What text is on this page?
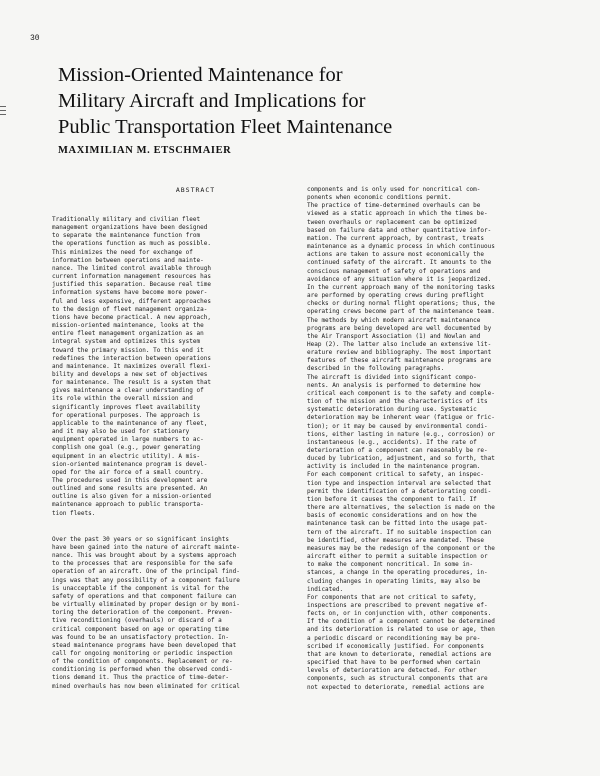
30
Mission-Oriented Maintenance for
Military Aircraft and Implications for
Public Transportation Fleet Maintenance

MAXIMILIAN M. ETSCHMAIER

ABSTRACT
Traditionally military and civilian fleet
management organizations have been designed
to separate the maintenance function from
the operations function as much as possible.
This minimizes the need for exchange of
information between operations and mainte-
nance. The limited control available through
current information management resources has
justified this separation. Because real time
information systems have become more power-
ful and less expensive, different approaches
to the design of fleet management organiza-
tions have become practical. A new approach,
mission-oriented maintenance, looks at the
entire fleet management organization as an
integral system and optimizes this system
toward the primary mission. To this end it
redefines the interaction between operations
and maintenance. It maximizes overall flexi-
bility and develops a new set of objectives
for maintenance. The result is a system that
gives maintenance a clear understanding of
its role within the overall mission and
significantly improves fleet availability
for operational purposes. The approach is
applicable to the maintenance of any fleet,
and it may also be used for stationary
equipment operated in large numbers to ac-
complish one goal (e.g., power generating
equipment in an electric utility). A mis-
sion-oriented maintenance program is devel-
oped for the air force of a small country.
The procedures used in this development are
outlined and some results are presented. An
outline is also given for a mission-oriented
maintenance approach to public transporta-
tion fleets.
Over the past 30 years or so significant insights
have been gained into the nature of aircraft mainte-
nance. This was brought about by a systems approach
to the processes that are responsible for the safe
operation of an aircraft. One of the principal find-
ings was that any possibility of a component failure
is unacceptable if the component is vital for the
safety of operations and that component failure can
be virtually eliminated by proper design or by moni-
toring the deterioration of the component. Preven-
tive reconditioning (overhauls) or discard of a
critical component based on age or operating time
was found to be an unsatisfactory protection. In-
stead maintenance programs have been developed that
call for ongoing monitoring or periodic inspection
of the condition of components. Replacement or re-
conditioning is performed when the observed condi-
tions demand it. Thus the practice of time-deter-
mined overhauls has now been eliminated for critical
components and is only used for noncritical com-
ponents when economic conditions permit.
The practice of time-determined overhauls can be
viewed as a static approach in which the times be-
tween overhauls or replacement can be optimized
based on failure data and other quantitative infor-
mation. The current approach, by contrast, treats
maintenance as a dynamic process in which continuous
actions are taken to assure most economically the
continued safety of the aircraft. It amounts to the
conscious management of safety of operations and
avoidance of any situation where it is jeopardized.
In the current approach many of the monitoring tasks
are performed by operating crews during preflight
checks or during normal flight operations; thus, the
operating crews become part of the maintenance team.
The methods by which modern aircraft maintenance
programs are being developed are well documented by
the Air Transport Association (1) and Nowlan and
Heap (2). The latter also include an extensive lit-
erature review and bibliography. The most important
features of these aircraft maintenance programs are
described in the following paragraphs.
The aircraft is divided into significant compo-
nents. An analysis is performed to determine how
critical each component is to the safety and comple-
tion of the mission and the characteristics of its
systematic deterioration during use. Systematic
deterioration may be inherent wear (fatigue or fric-
tion); or it may be caused by environmental condi-
tions, either lasting in nature (e.g., corrosion) or
instantaneous (e.g., accidents). If the rate of
deterioration of a component can reasonably be re-
duced by lubrication, adjustment, and so forth, that
activity is included in the maintenance program.
For each component critical to safety, an inspec-
tion type and inspection interval are selected that
permit the identification of a deteriorating condi-
tion before it causes the component to fail. If
there are alternatives, the selection is made on the
basis of economic considerations and on how the
maintenance task can be fitted into the usage pat-
tern of the aircraft. If no suitable inspection can
be identified, other measures are mandated. These
measures may be the redesign of the component or the
aircraft either to permit a suitable inspection or
to make the component noncritical. In some in-
stances, a change in the operating procedures, in-
cluding changes in operating limits, may also be
indicated.
For components that are not critical to safety,
inspections are prescribed to prevent negative ef-
fects on, or in conjunction with, other components.
If the condition of a component cannot be determined
and its deterioration is related to use or age, then
a periodic discard or reconditioning may be pre-
scribed if economically justified. For components
that are known to deteriorate, remedial actions are
specified that have to be performed when certain
levels of deterioration are detected. For other
components, such as structural components that are
not expected to deteriorate, remedial actions are
